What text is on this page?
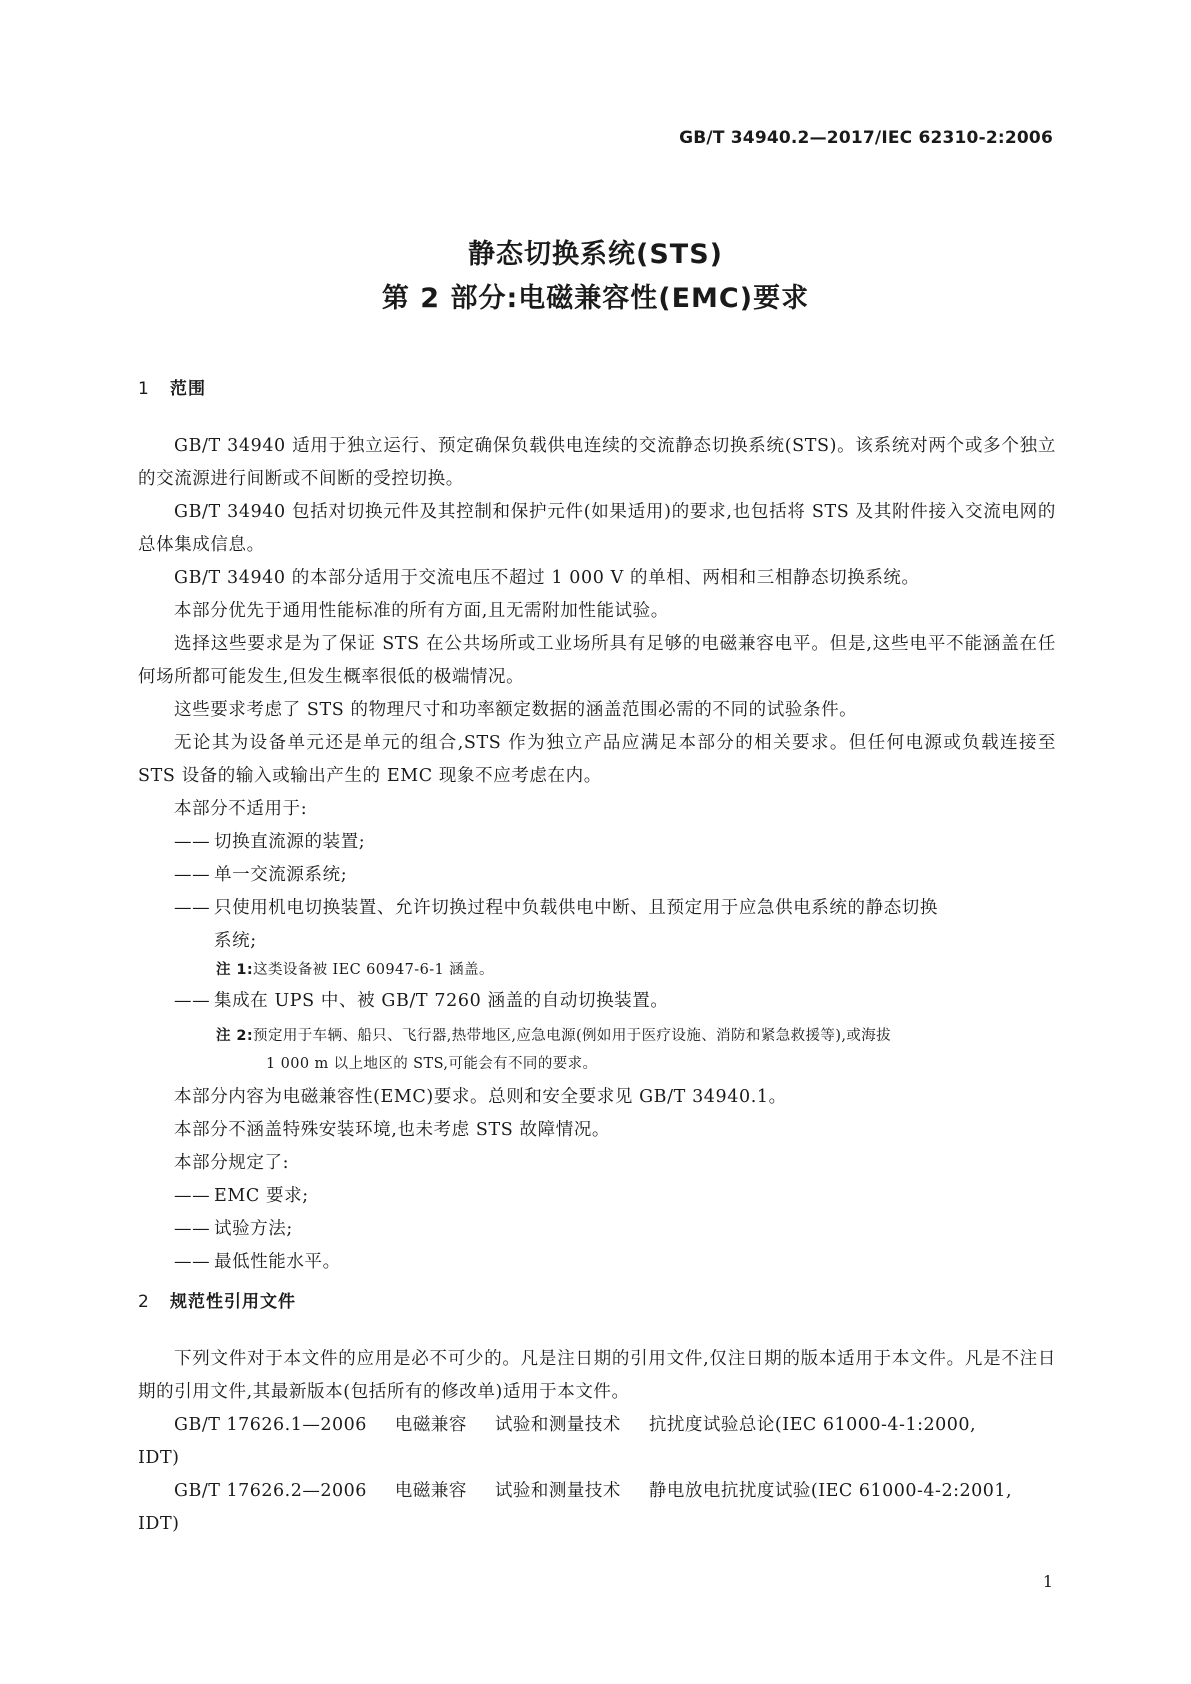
GB/T 34940.2—2017/IEC 62310-2:2006
静态切换系统(STS)
第 2 部分:电磁兼容性(EMC)要求
1 范围

GB/T 34940 适用于独立运行、预定确保负载供电连续的交流静态切换系统(STS)。该系统对两个或多个独立的交流源进行间断或不间断的受控切换。

GB/T 34940 包括对切换元件及其控制和保护元件(如果适用)的要求,也包括将 STS 及其附件接入交流电网的总体集成信息。

GB/T 34940 的本部分适用于交流电压不超过 1 000 V 的单相、两相和三相静态切换系统。

本部分优先于通用性能标准的所有方面,且无需附加性能试验。

选择这些要求是为了保证 STS 在公共场所或工业场所具有足够的电磁兼容电平。但是,这些电平不能涵盖在任何场所都可能发生,但发生概率很低的极端情况。

这些要求考虑了 STS 的物理尺寸和功率额定数据的涵盖范围必需的不同的试验条件。

无论其为设备单元还是单元的组合,STS 作为独立产品应满足本部分的相关要求。但任何电源或负载连接至 STS 设备的输入或输出产生的 EMC 现象不应考虑在内。

本部分不适用于:

—— 切换直流源的装置;

—— 单一交流源系统;

—— 只使用机电切换装置、允许切换过程中负载供电中断、且预定用于应急供电系统的静态切换
系统;

注 1:这类设备被 IEC 60947-6-1 涵盖。

—— 集成在 UPS 中、被 GB/T 7260 涵盖的自动切换装置。

注 2:预定用于车辆、船只、飞行器,热带地区,应急电源(例如用于医疗设施、消防和紧急救援等),或海拔
1 000 m 以上地区的 STS,可能会有不同的要求。

本部分内容为电磁兼容性(EMC)要求。总则和安全要求见 GB/T 34940.1。

本部分不涵盖特殊安装环境,也未考虑 STS 故障情况。

本部分规定了:

—— EMC 要求;

—— 试验方法;

—— 最低性能水平。

2 规范性引用文件

下列文件对于本文件的应用是必不可少的。凡是注日期的引用文件,仅注日期的版本适用于本文件。凡是不注日期的引用文件,其最新版本(包括所有的修改单)适用于本文件。

GB/T 17626.1—2006 电磁兼容 试验和测量技术 抗扰度试验总论(IEC 61000-4-1:2000,

IDT)

GB/T 17626.2—2006 电磁兼容 试验和测量技术 静电放电抗扰度试验(IEC 61000-4-2:2001,

IDT)

1
